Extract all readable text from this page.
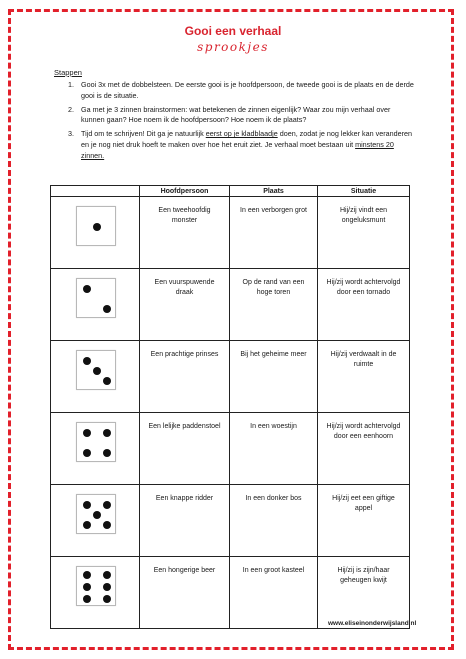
Gooi een verhaal
sprookjes
Stappen
1. Gooi 3x met de dobbelsteen. De eerste gooi is je hoofdpersoon, de tweede gooi is de plaats en de derde gooi is de situatie.
2. Ga met je 3 zinnen brainstormen: wat betekenen de zinnen eigenlijk? Waar zou mijn verhaal over kunnen gaan? Hoe noem ik de hoofdpersoon? Hoe noem ik de plaats?
3. Tijd om te schrijven! Dit ga je natuurlijk eerst op je kladblaadje doen, zodat je nog lekker kan veranderen en je nog niet druk hoeft te maken over hoe het eruit ziet. Je verhaal moet bestaan uit minstens 20 zinnen.
	Hoofdpersoon	Plaats	Situatie

	Een tweehoofdig monster	In een verborgen grot	Hij/zij vindt een ongeluksmunt

	Een vuurspuwende draak	Op de rand van een hoge toren	Hij/zij wordt achtervolgd door een tornado

	Een prachtige prinses	Bij het geheime meer	Hij/zij verdwaalt in de ruimte

	Een lelijke paddenstoel	In een woestijn	Hij/zij wordt achtervolgd door een eenhoorn

	Een knappe ridder	In een donker bos	Hij/zij eet een giftige appel

	Een hongerige beer	In een groot kasteel	Hij/zij is zijn/haar geheugen kwijt
www.eliseinonderwijsland.nl
